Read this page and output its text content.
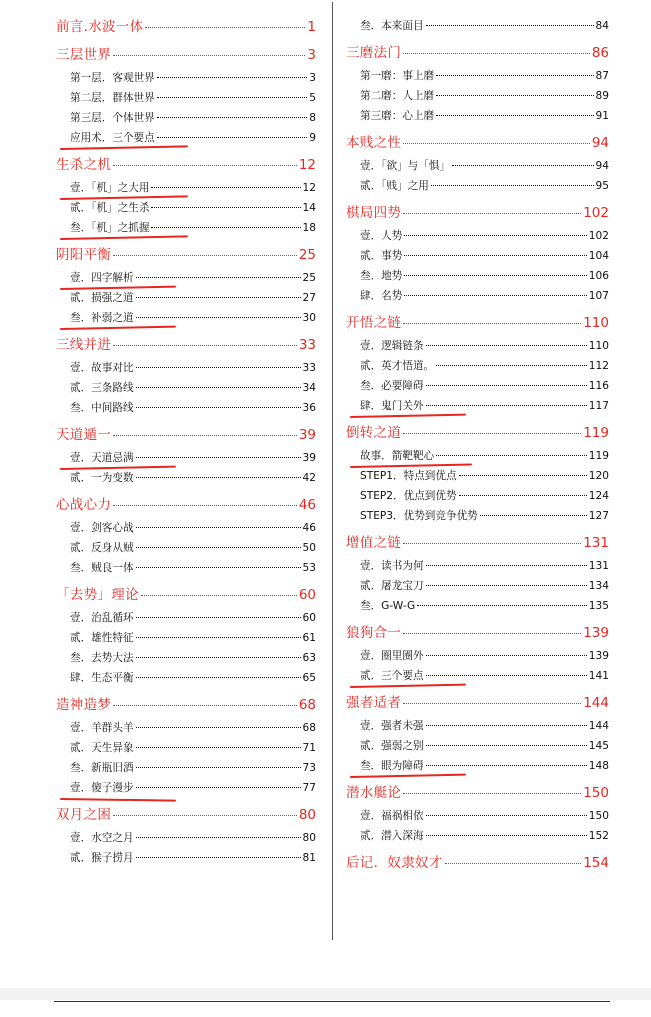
前言.水波一体	1
三层世界	3
第一层．客观世界	3
第二层．群体世界	5
第三层．个体世界	8
应用术．三个要点	9
生杀之机	12
壹．「机」之大用	12
贰．「机」之生杀	14
叁．「机」之抓握	18
阴阳平衡	25
壹．四字解析	25
贰．损强之道	27
叁．补弱之道	30
三线并进	33
壹．故事对比	33
贰．三条路线	34
叁．中间路线	36
天道遁一	39
壹．天道忌满	39
贰．一为变数	42
心战心力	46
壹．剑客心战	46
贰．反身从贼	50
叁．贼良一体	53
「去势」理论	60
壹．治乱循环	60
贰．雄性特征	61
叁．去势大法	63
肆．生态平衡	65
造神造梦	68
壹．羊群头羊	68
贰．天生异象	71
叁．新瓶旧酒	73
壹．傻子漫步	77
双月之困	80
壹．水空之月	80
贰．猴子捞月	81
叁．本来面目	84
三磨法门	86
第一磨：事上磨	87
第二磨：人上磨	89
第三磨：心上磨	91
本贱之性	94
壹．「欲」与「惧」	94
贰．「贱」之用	95
棋局四势	102
壹．人势	102
贰．事势	104
叁．地势	106
肆．名势	107
开悟之链	110
壹．逻辑链条	110
贰．英才悟道。	112
叁．必要障碍	116
肆．鬼门关外	117
倒转之道	119
故事．箭靶靶心	119
STEP1．特点到优点	120
STEP2．优点到优势	124
STEP3．优势到竞争优势	127
增值之链	131
壹．读书为何	131
贰．屠龙宝刀	134
叁．G-W-G	135
狼狗合一	139
壹．圈里圈外	139
贰．三个要点	141
强者适者	144
壹．强者未强	144
贰．强弱之别	145
叁．眼为障碍	148
潜水艇论	150
壹．福祸相依	150
贰．潜入深海	152
后记．奴隶奴才	154
